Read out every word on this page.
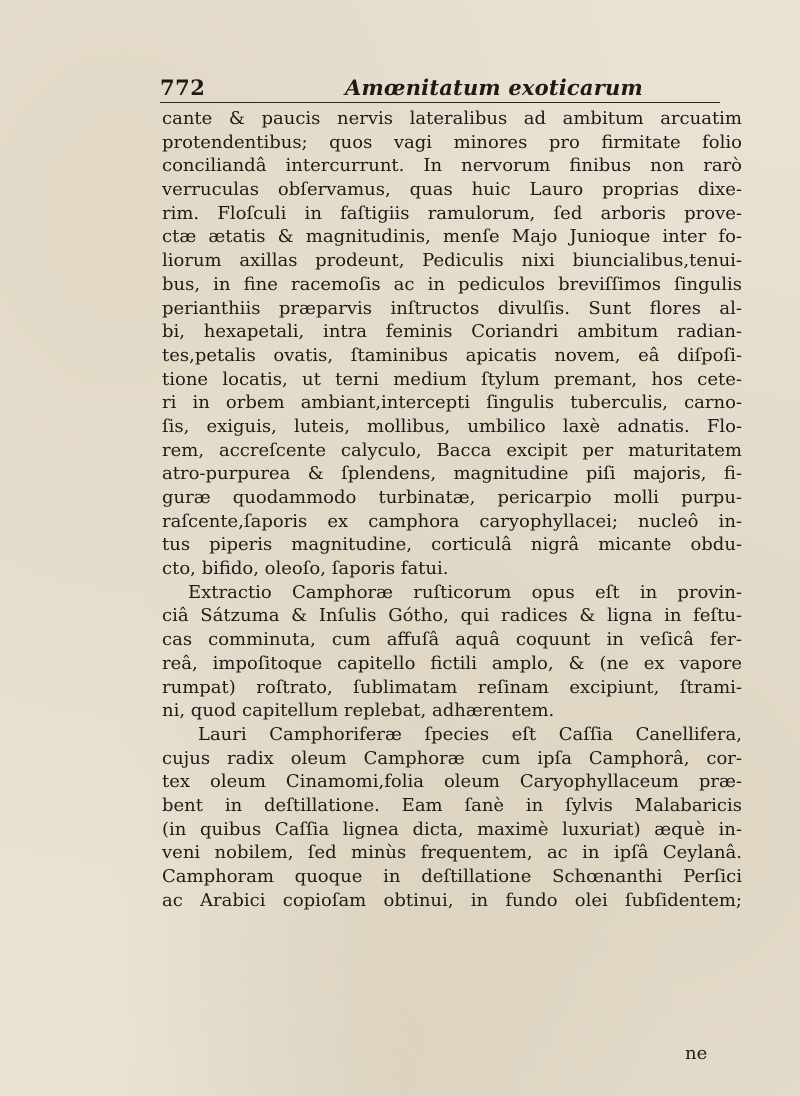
772	Amœnitatum exoticarum
cante & paucis nervis lateralibus ad ambitum arcuatim
protendentibus; quos vagi minores pro firmitate folio
conciliandâ intercurrunt. In nervorum finibus non rarò
verruculas obſervamus, quas huic Lauro proprias dixe-
rim. Floſculi in faſtigiis ramulorum, ſed arboris prove-
ctæ ætatis & magnitudinis, menſe Majo Junioque inter fo-
liorum axillas prodeunt, Pediculis nixi biuncialibus,tenui-
bus, in fine racemoſis ac in pediculos breviſſimos ſingulis
perianthiis præparvis inſtructos divulſis. Sunt flores al-
bi, hexapetali, intra feminis Coriandri ambitum radian-
tes,petalis ovatis, ſtaminibus apicatis novem, eâ diſpoſi-
tione locatis, ut terni medium ſtylum premant, hos cete-
ri in orbem ambiant,intercepti ſingulis tuberculis, carno-
ſis, exiguis, luteis, mollibus, umbilico laxè adnatis. Flo-
rem, accreſcente calyculo, Bacca excipit per maturitatem
atro-purpurea & ſplendens, magnitudine piſi majoris, fi-
guræ quodammodo turbinatæ, pericarpio molli purpu-
raſcente,ſaporis ex camphora caryophyllacei; nucleô in-
tus piperis magnitudine, corticulâ nigrâ micante obdu-
cto, bifido, oleoſo, ſaporis fatui.
Extractio Camphoræ ruſticorum opus eſt in provin-
ciâ Sátzuma & Inſulis Gótho, qui radices & ligna in feſtu-
cas comminuta, cum affuſâ aquâ coquunt in veſicâ fer-
reâ, impoſitoque capitello fictili amplo, & (ne ex vapore
rumpat) roſtrato, ſublimatam reſinam excipiunt, ſtrami-
ni, quod capitellum replebat, adhærentem.
Lauri Camphoriferæ ſpecies eſt Caſſia Canellifera,
cujus radix oleum Camphoræ cum ipſa Camphorâ, cor-
tex oleum Cinamomi,folia oleum Caryophyllaceum præ-
bent in deſtillatione. Eam ſanè in ſylvis Malabaricis
(in quibus Caſſia lignea dicta, maximè luxuriat) æquè in-
veni nobilem, ſed minùs frequentem, ac in ipſâ Ceylanâ.
Camphoram quoque in deſtillatione Schœnanthi Perſici
ac Arabici copioſam obtinui, in fundo olei ſubſidentem;
ne
